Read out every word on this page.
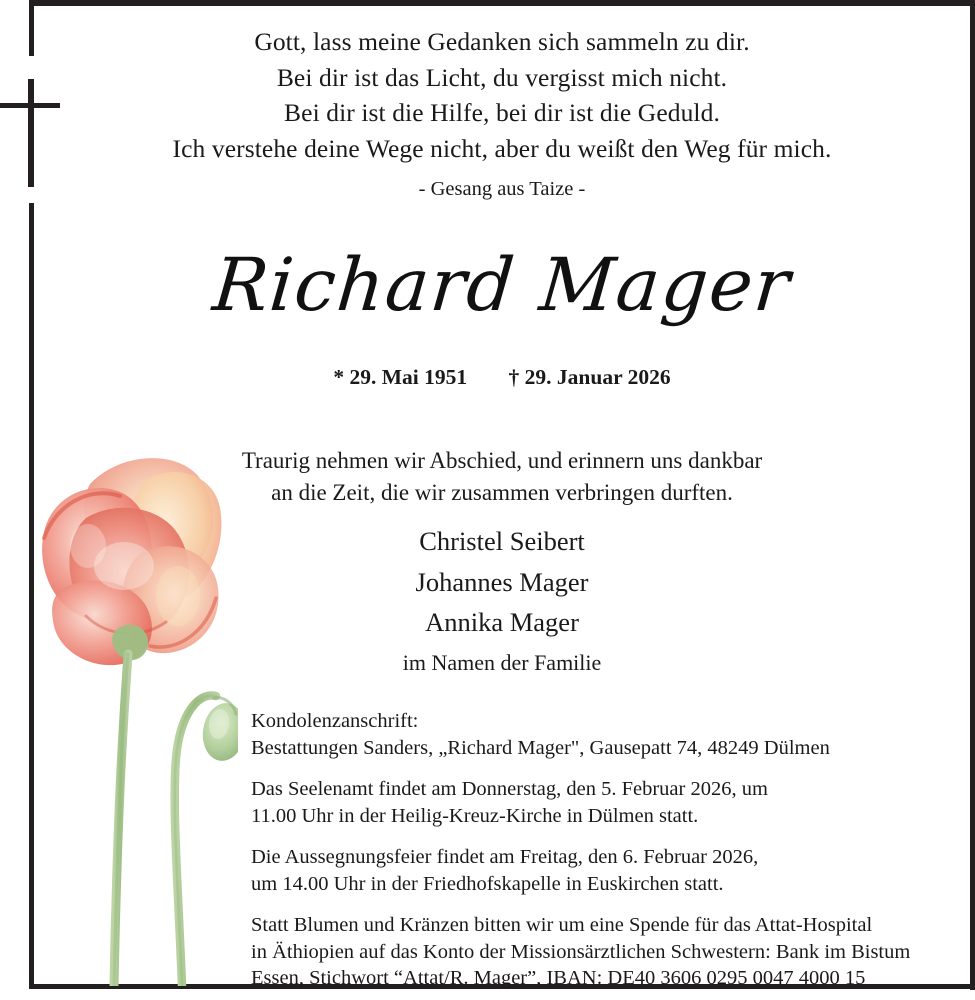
Gott, lass meine Gedanken sich sammeln zu dir.
Bei dir ist das Licht, du vergisst mich nicht.
Bei dir ist die Hilfe, bei dir ist die Geduld.
Ich verstehe deine Wege nicht, aber du weißt den Weg für mich.
- Gesang aus Taize -
Richard Mager
* 29. Mai 1951 † 29. Januar 2026
Traurig nehmen wir Abschied, und erinnern uns dankbar
an die Zeit, die wir zusammen verbringen durften.
Christel Seibert
Johannes Mager
Annika Mager
im Namen der Familie
Kondolenzanschrift:
Bestattungen Sanders, „Richard Mager", Gausepatt 74, 48249 Dülmen
Das Seelenamt findet am Donnerstag, den 5. Februar 2026, um
11.00 Uhr in der Heilig-Kreuz-Kirche in Dülmen statt.
Die Aussegnungsfeier findet am Freitag, den 6. Februar 2026,
um 14.00 Uhr in der Friedhofskapelle in Euskirchen statt.
Statt Blumen und Kränzen bitten wir um eine Spende für das Attat-Hospital
in Äthiopien auf das Konto der Missionsärztlichen Schwestern: Bank im Bistum
Essen, Stichwort “Attat/R. Mager”, IBAN: DE40 3606 0295 0047 4000 15
